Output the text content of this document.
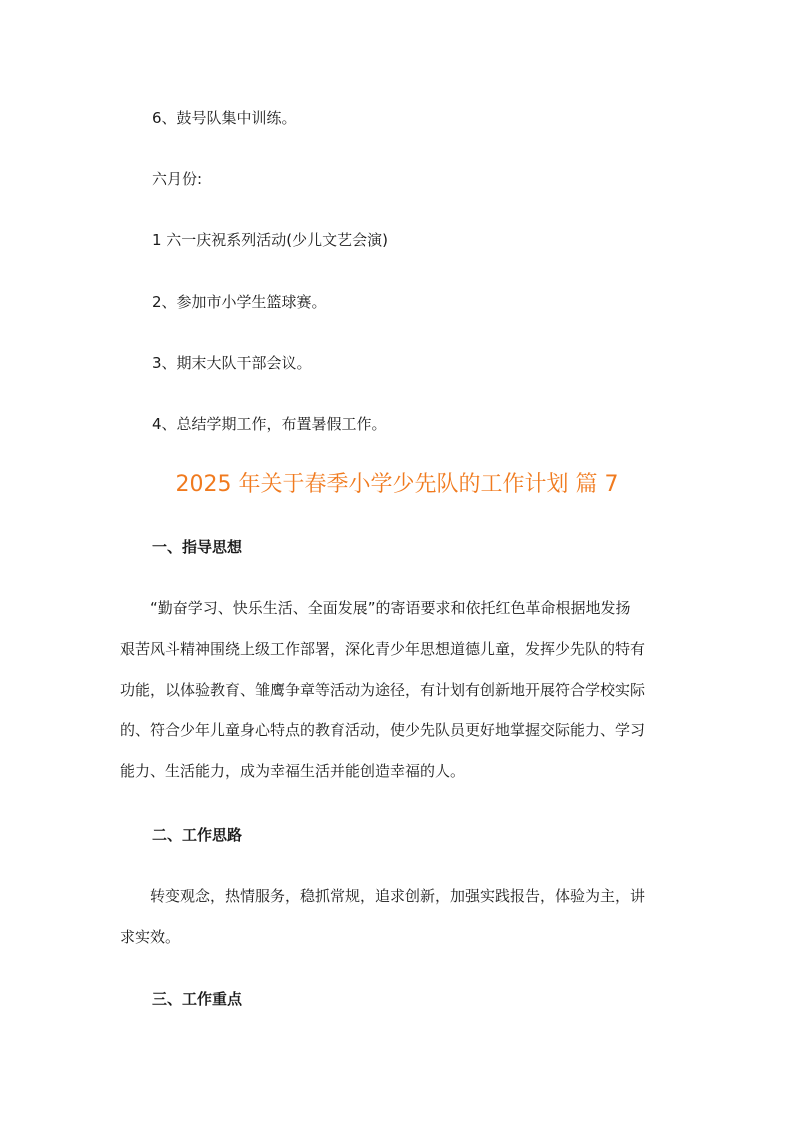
6、鼓号队集中训练。
六月份:
1 六一庆祝系列活动(少儿文艺会演)
2、参加市小学生篮球赛。
3、期末大队干部会议。
4、总结学期工作，布置暑假工作。
2025 年关于春季小学少先队的工作计划 篇 7
一、指导思想
“勤奋学习、快乐生活、全面发展”的寄语要求和依托红色革命根据地发扬
艰苦风斗精神围绕上级工作部署，深化青少年思想道德儿童，发挥少先队的特有
功能，以体验教育、雏鹰争章等活动为途径，有计划有创新地开展符合学校实际
的、符合少年儿童身心特点的教育活动，使少先队员更好地掌握交际能力、学习
能力、生活能力，成为幸福生活并能创造幸福的人。
二、工作思路
转变观念，热情服务，稳抓常规，追求创新，加强实践报告，体验为主，讲
求实效。
三、工作重点
